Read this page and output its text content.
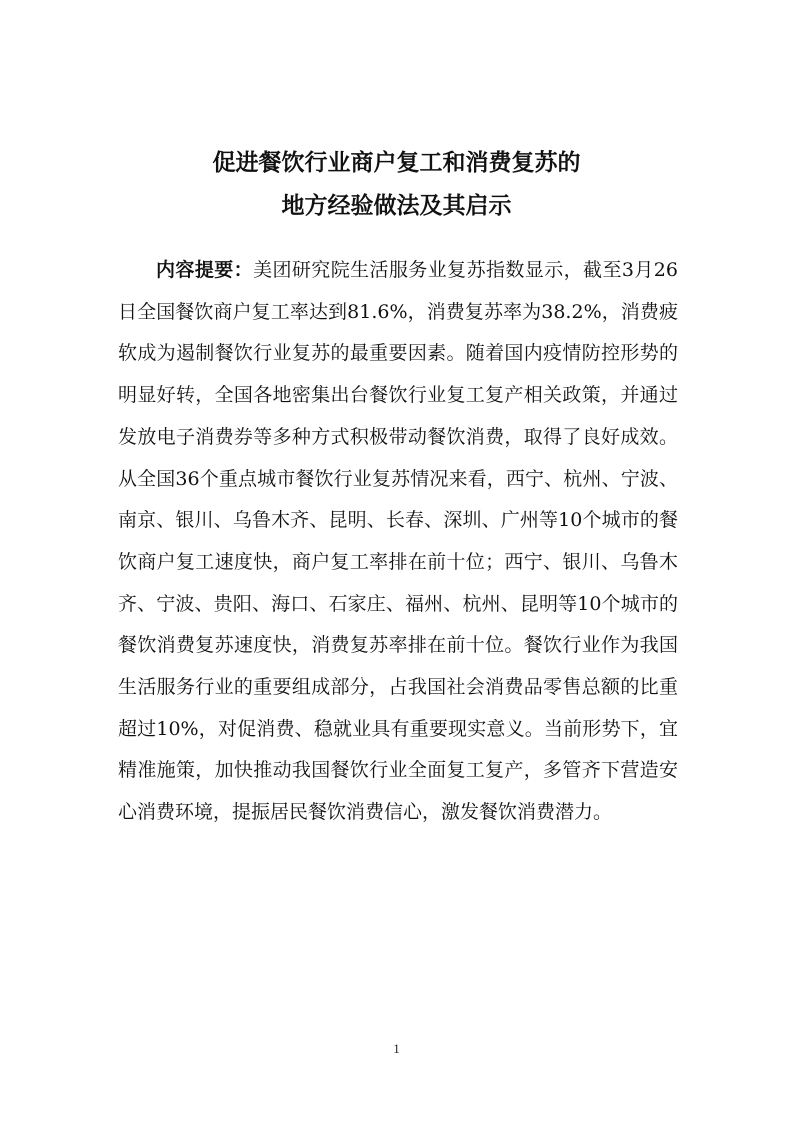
促进餐饮行业商户复工和消费复苏的
地方经验做法及其启示
内容提要：美团研究院生活服务业复苏指数显示，截至3月26日全国餐饮商户复工率达到81.6%，消费复苏率为38.2%，消费疲软成为遏制餐饮行业复苏的最重要因素。随着国内疫情防控形势的明显好转，全国各地密集出台餐饮行业复工复产相关政策，并通过发放电子消费券等多种方式积极带动餐饮消费，取得了良好成效。从全国36个重点城市餐饮行业复苏情况来看，西宁、杭州、宁波、南京、银川、乌鲁木齐、昆明、长春、深圳、广州等10个城市的餐饮商户复工速度快，商户复工率排在前十位；西宁、银川、乌鲁木齐、宁波、贵阳、海口、石家庄、福州、杭州、昆明等10个城市的餐饮消费复苏速度快，消费复苏率排在前十位。餐饮行业作为我国生活服务行业的重要组成部分，占我国社会消费品零售总额的比重超过10%，对促消费、稳就业具有重要现实意义。当前形势下，宜精准施策，加快推动我国餐饮行业全面复工复产，多管齐下营造安心消费环境，提振居民餐饮消费信心，激发餐饮消费潜力。
1
